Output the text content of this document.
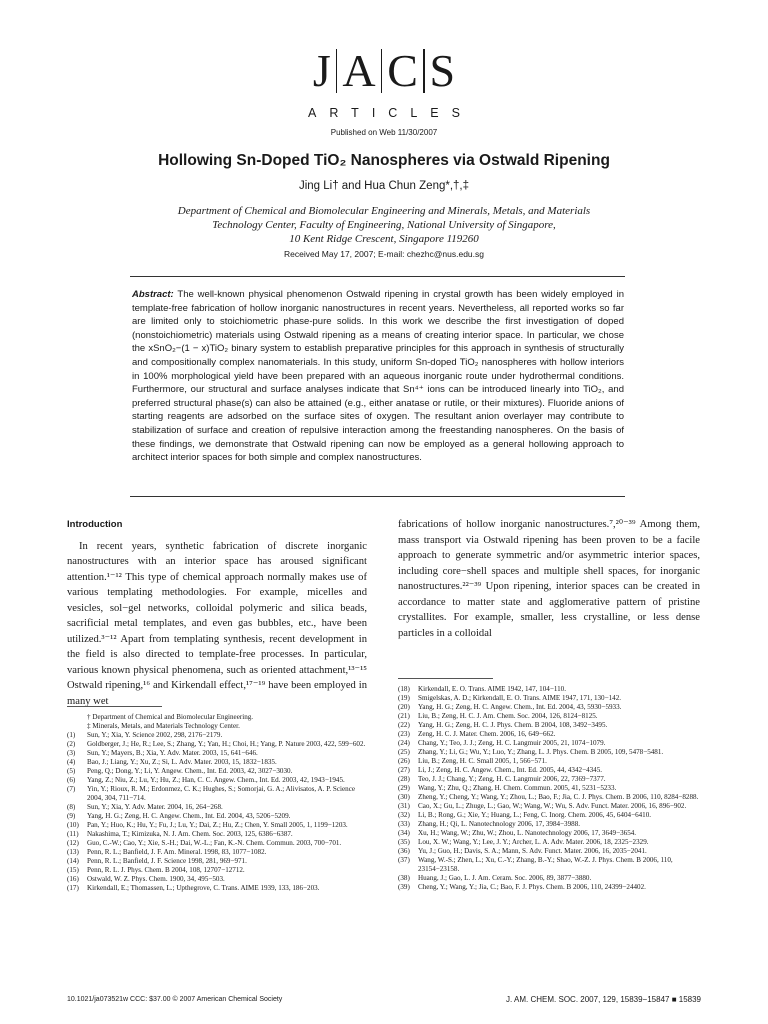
J A C S
ARTICLES
Published on Web 11/30/2007
Hollowing Sn-Doped TiO₂ Nanospheres via Ostwald Ripening
Jing Li† and Hua Chun Zeng*,†,‡
Department of Chemical and Biomolecular Engineering and Minerals, Metals, and Materials
Technology Center, Faculty of Engineering, National University of Singapore,
10 Kent Ridge Crescent, Singapore 119260
Received May 17, 2007; E-mail: chezhc@nus.edu.sg
Abstract: The well-known physical phenomenon Ostwald ripening in crystal growth has been widely employed in template-free fabrication of hollow inorganic nanostructures in recent years. Nevertheless, all reported works so far are limited only to stoichiometric phase-pure solids. In this work we describe the first investigation of doped (nonstoichiometric) materials using Ostwald ripening as a means of creating interior space. In particular, we chose the xSnO₂−(1 − x)TiO₂ binary system to establish preparative principles for this approach in synthesis of structurally and compositionally complex nanomaterials. In this study, uniform Sn-doped TiO₂ nanospheres with hollow interiors in 100% morphological yield have been prepared with an aqueous inorganic route under hydrothermal conditions. Furthermore, our structural and surface analyses indicate that Sn⁴⁺ ions can be introduced linearly into TiO₂, and preferred structural phase(s) can also be attained (e.g., either anatase or rutile, or their mixtures). Fluoride anions of starting reagents are adsorbed on the surface sites of oxygen. The resultant anion overlayer may contribute to stabilization of surface and creation of repulsive interaction among the freestanding nanospheres. On the basis of these findings, we demonstrate that Ostwald ripening can now be employed as a general hollowing approach to architect interior spaces for both simple and complex nanostructures.
Introduction

In recent years, synthetic fabrication of discrete inorganic nanostructures with an interior space has aroused significant attention.¹⁻¹² This type of chemical approach normally makes use of various templating methodologies. For example, micelles and vesicles, sol−gel networks, colloidal polymeric and silica beads, sacrificial metal templates, and even gas bubbles, etc., have been utilized.³⁻¹² Apart from templating synthesis, recent development in the field is also directed to template-free processes. In particular, various known physical phenomena, such as oriented attachment,¹³⁻¹⁵ Ostwald ripening,¹⁶ and Kirkendall effect,¹⁷⁻¹⁹ have been employed in many wet

fabrications of hollow inorganic nanostructures.⁷,²⁰⁻³⁹ Among them, mass transport via Ostwald ripening has been proven to be a facile approach to generate symmetric and/or asymmetric interior spaces, including core−shell spaces and multiple shell spaces, for inorganic nanostructures.²²⁻³⁹ Upon ripening, interior spaces can be created in accordance to matter state and agglomerative pattern of pristine crystallites. For example, smaller, less crystalline, or less dense particles in a colloidal

† Department of Chemical and Biomolecular Engineering.
‡ Minerals, Metals, and Materials Technology Center.
(1)	Sun, Y.; Xia, Y. Science 2002, 298, 2176−2179.
(2)	Goldberger, J.; He, R.; Lee, S.; Zhang, Y.; Yan, H.; Choi, H.; Yang, P. Nature 2003, 422, 599−602.
(3)	Sun, Y.; Mayers, B.; Xia, Y. Adv. Mater. 2003, 15, 641−646.
(4)	Bao, J.; Liang, Y.; Xu, Z.; Si, L. Adv. Mater. 2003, 15, 1832−1835.
(5)	Peng, Q.; Dong, Y.; Li, Y. Angew. Chem., Int. Ed. 2003, 42, 3027−3030.
(6)	Yang, Z.; Niu, Z.; Lu, Y.; Hu, Z.; Han, C. C. Angew. Chem., Int. Ed. 2003, 42, 1943−1945.
(7)	Yin, Y.; Rioux, R. M.; Erdonmez, C. K.; Hughes, S.; Somorjai, G. A.; Alivisatos, A. P. Science 2004, 304, 711−714.
(8)	Sun, Y.; Xia, Y. Adv. Mater. 2004, 16, 264−268.
(9)	Yang, H. G.; Zeng, H. C. Angew. Chem., Int. Ed. 2004, 43, 5206−5209.
(10)	Pan, Y.; Huo, K.; Hu, Y.; Fu, J.; Lu, Y.; Dai, Z.; Hu, Z.; Chen, Y. Small 2005, 1, 1199−1203.
(11)	Nakashima, T.; Kimizuka, N. J. Am. Chem. Soc. 2003, 125, 6386−6387.
(12)	Guo, C.-W.; Cao, Y.; Xie, S.-H.; Dai, W.-L.; Fan, K.-N. Chem. Commun. 2003, 700−701.
(13)	Penn, R. L.; Banfield, J. F. Am. Mineral. 1998, 83, 1077−1082.
(14)	Penn, R. L.; Banfield, J. F. Science 1998, 281, 969−971.
(15)	Penn, R. L. J. Phys. Chem. B 2004, 108, 12707−12712.
(16)	Ostwald, W. Z. Phys. Chem. 1900, 34, 495−503.
(17)	Kirkendall, E.; Thomassen, L.; Upthegrove, C. Trans. AIME 1939, 133, 186−203.
(18)	Kirkendall, E. O. Trans. AIME 1942, 147, 104−110.
(19)	Smigelskas, A. D.; Kirkendall, E. O. Trans. AIME 1947, 171, 130−142.
(20)	Yang, H. G.; Zeng, H. C. Angew. Chem., Int. Ed. 2004, 43, 5930−5933.
(21)	Liu, B.; Zeng, H. C. J. Am. Chem. Soc. 2004, 126, 8124−8125.
(22)	Yang, H. G.; Zeng, H. C. J. Phys. Chem. B 2004, 108, 3492−3495.
(23)	Zeng, H. C. J. Mater. Chem. 2006, 16, 649−662.
(24)	Chang, Y.; Teo, J. J.; Zeng, H. C. Langmuir 2005, 21, 1074−1079.
(25)	Zhang, Y.; Li, G.; Wu, Y.; Luo, Y.; Zhang, L. J. Phys. Chem. B 2005, 109, 5478−5481.
(26)	Liu, B.; Zeng, H. C. Small 2005, 1, 566−571.
(27)	Li, J.; Zeng, H. C. Angew. Chem., Int. Ed. 2005, 44, 4342−4345.
(28)	Teo, J. J.; Chang, Y.; Zeng, H. C. Langmuir 2006, 22, 7369−7377.
(29)	Wang, Y.; Zhu, Q.; Zhang, H. Chem. Commun. 2005, 41, 5231−5233.
(30)	Zheng, Y.; Cheng, Y.; Wang, Y.; Zhou, L.; Bao, F.; Jia, C. J. Phys. Chem. B 2006, 110, 8284−8288.
(31)	Cao, X.; Gu, L.; Zhuge, L.; Gao, W.; Wang, W.; Wu, S. Adv. Funct. Mater. 2006, 16, 896−902.
(32)	Li, B.; Rong, G.; Xie, Y.; Huang, L.; Feng, C. Inorg. Chem. 2006, 45, 6404−6410.
(33)	Zhang, H.; Qi, L. Nanotechnology 2006, 17, 3984−3988.
(34)	Xu, H.; Wang, W.; Zhu, W.; Zhou, L. Nanotechnology 2006, 17, 3649−3654.
(35)	Lou, X. W.; Wang, Y.; Lee, J. Y.; Archer, L. A. Adv. Mater. 2006, 18, 2325−2329.
(36)	Yu, J.; Guo, H.; Davis, S. A.; Mann, S. Adv. Funct. Mater. 2006, 16, 2035−2041.
(37)	Wang, W.-S.; Zhen, L.; Xu, C.-Y.; Zhang, B.-Y.; Shao, W.-Z. J. Phys. Chem. B 2006, 110, 23154−23158.
(38)	Huang, J.; Gao, L. J. Am. Ceram. Soc. 2006, 89, 3877−3880.
(39)	Cheng, Y.; Wang, Y.; Jia, C.; Bao, F. J. Phys. Chem. B 2006, 110, 24399−24402.
10.1021/ja073521w CCC: $37.00 © 2007 American Chemical Society	J. AM. CHEM. SOC. 2007, 129, 15839−15847 ■ 15839
